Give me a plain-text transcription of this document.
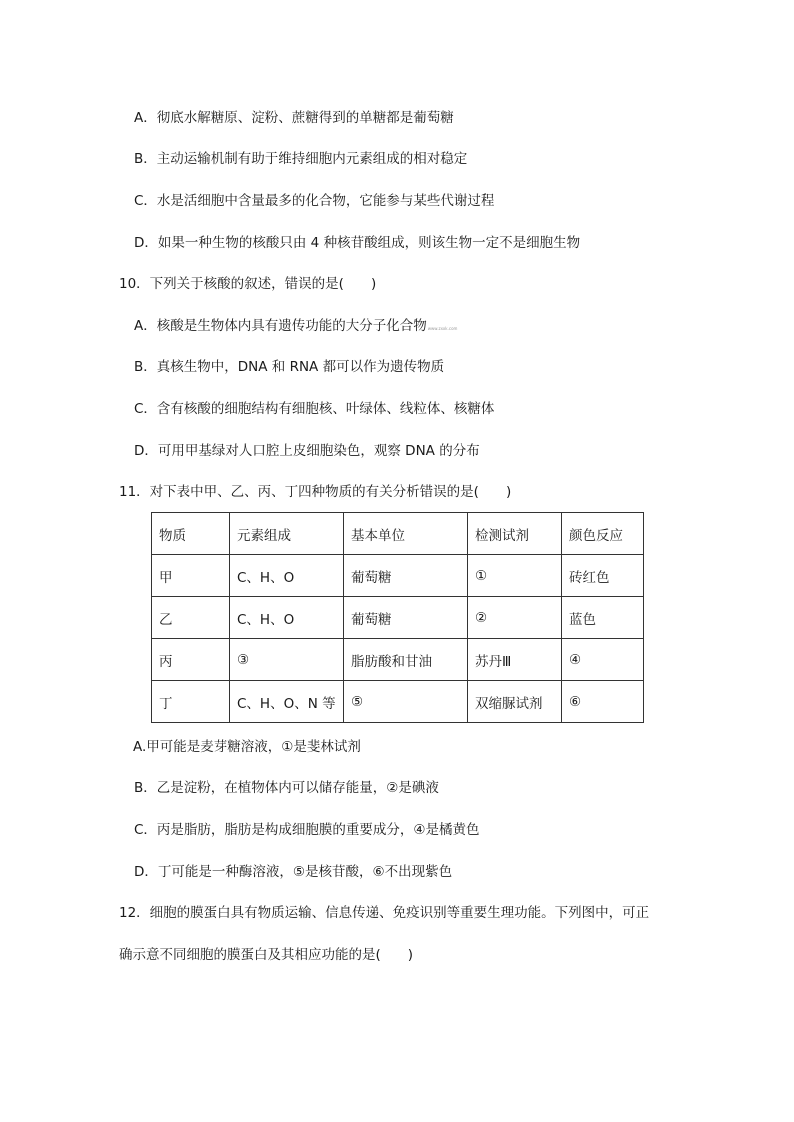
A．彻底水解糖原、淀粉、蔗糖得到的单糖都是葡萄糖
B．主动运输机制有助于维持细胞内元素组成的相对稳定
C．水是活细胞中含量最多的化合物，它能参与某些代谢过程
D．如果一种生物的核酸只由 4 种核苷酸组成，则该生物一定不是细胞生物
10．下列关于核酸的叙述，错误的是(　　)
A．核酸是生物体内具有遗传功能的大分子化合物www.zxxk.com
B．真核生物中，DNA 和 RNA 都可以作为遗传物质
C．含有核酸的细胞结构有细胞核、叶绿体、线粒体、核糖体
D．可用甲基绿对人口腔上皮细胞染色，观察 DNA 的分布
11．对下表中甲、乙、丙、丁四种物质的有关分析错误的是(　　)
物质	元素组成	基本单位	检测试剂	颜色反应
甲	C、H、O	葡萄糖	①	砖红色
乙	C、H、O	葡萄糖	②	蓝色
丙	③	脂肪酸和甘油	苏丹Ⅲ	④
丁	C、H、O、N 等	⑤	双缩脲试剂	⑥
A.甲可能是麦芽糖溶液，①是斐林试剂
B．乙是淀粉，在植物体内可以储存能量，②是碘液
C．丙是脂肪，脂肪是构成细胞膜的重要成分，④是橘黄色
D．丁可能是一种酶溶液，⑤是核苷酸，⑥不出现紫色
12．细胞的膜蛋白具有物质运输、信息传递、免疫识别等重要生理功能。下列图中，可正
确示意不同细胞的膜蛋白及其相应功能的是(　　)
